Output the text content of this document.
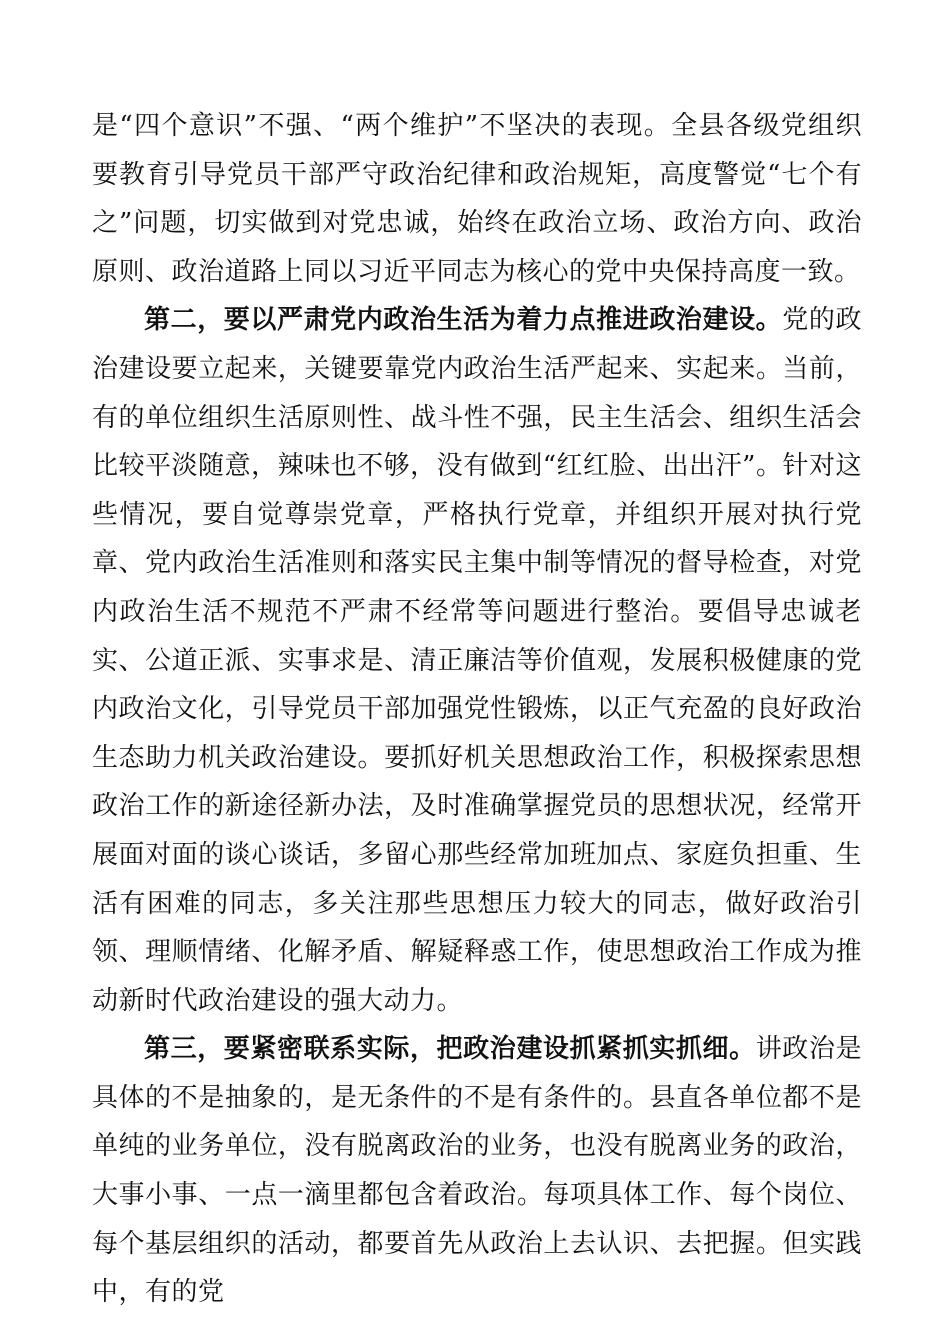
是“四个意识”不强、“两个维护”不坚决的表现。全县各级党组织要教育引导党员干部严守政治纪律和政治规矩，高度警觉“七个有之”问题，切实做到对党忠诚，始终在政治立场、政治方向、政治原则、政治道路上同以习近平同志为核心的党中央保持高度一致。

第二，要以严肃党内政治生活为着力点推进政治建设。党的政治建设要立起来，关键要靠党内政治生活严起来、实起来。当前，有的单位组织生活原则性、战斗性不强，民主生活会、组织生活会比较平淡随意，辣味也不够，没有做到“红红脸、出出汗”。针对这些情况，要自觉尊崇党章，严格执行党章，并组织开展对执行党章、党内政治生活准则和落实民主集中制等情况的督导检查，对党内政治生活不规范不严肃不经常等问题进行整治。要倡导忠诚老实、公道正派、实事求是、清正廉洁等价值观，发展积极健康的党内政治文化，引导党员干部加强党性锻炼，以正气充盈的良好政治生态助力机关政治建设。要抓好机关思想政治工作，积极探索思想政治工作的新途径新办法，及时准确掌握党员的思想状况，经常开展面对面的谈心谈话，多留心那些经常加班加点、家庭负担重、生活有困难的同志，多关注那些思想压力较大的同志，做好政治引领、理顺情绪、化解矛盾、解疑释惑工作，使思想政治工作成为推动新时代政治建设的强大动力。

第三，要紧密联系实际，把政治建设抓紧抓实抓细。讲政治是具体的不是抽象的，是无条件的不是有条件的。县直各单位都不是单纯的业务单位，没有脱离政治的业务，也没有脱离业务的政治，大事小事、一点一滴里都包含着政治。每项具体工作、每个岗位、每个基层组织的活动，都要首先从政治上去认识、去把握。但实践中，有的党
